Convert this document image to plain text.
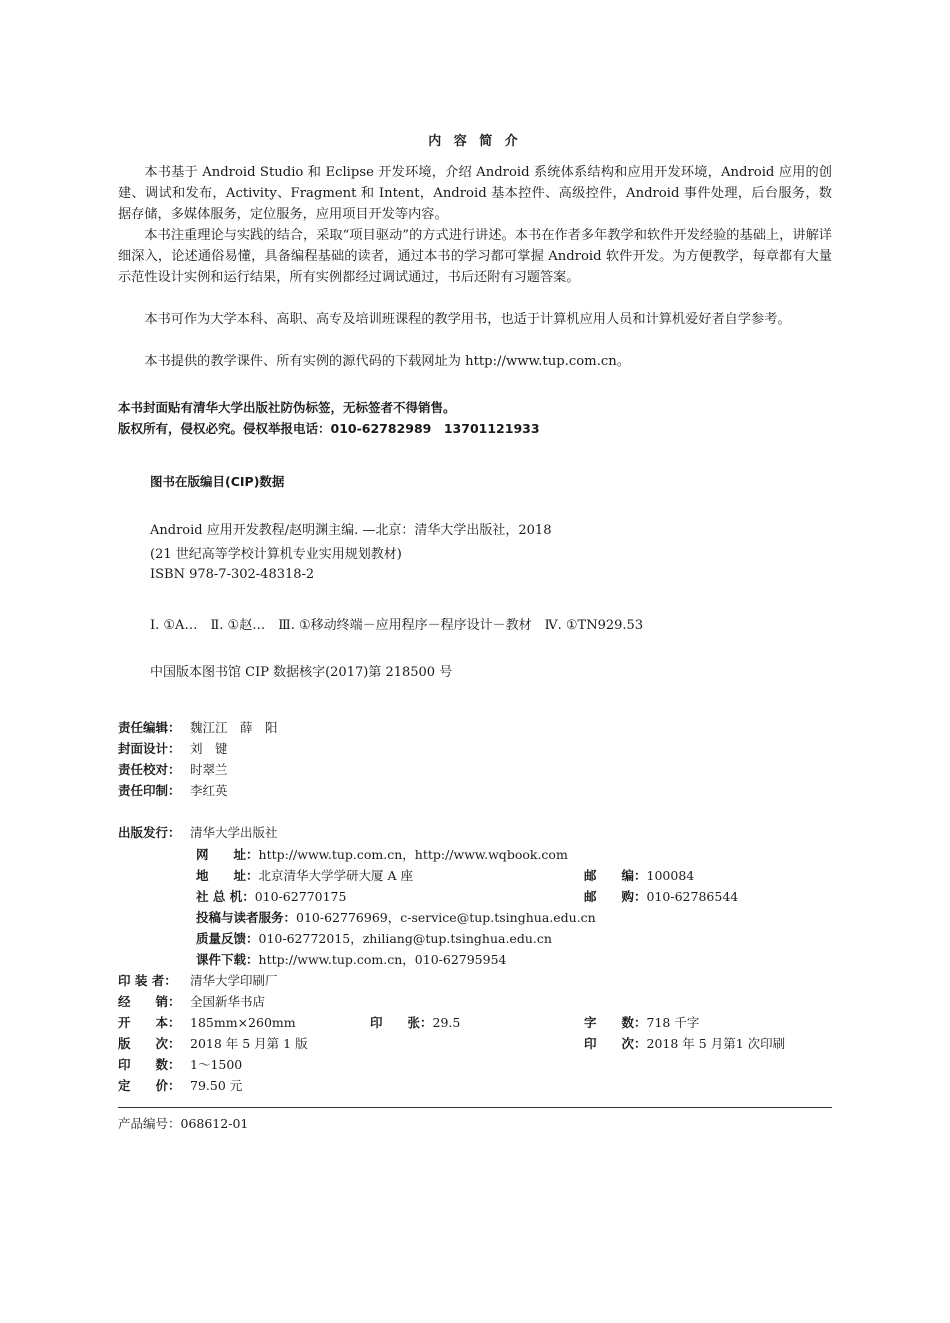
内 容 简 介

本书基于 Android Studio 和 Eclipse 开发环境，介绍 Android 系统体系结构和应用开发环境，Android 应用的创建、调试和发布，Activity、Fragment 和 Intent，Android 基本控件、高级控件，Android 事件处理，后台服务，数据存储，多媒体服务，定位服务，应用项目开发等内容。

本书注重理论与实践的结合，采取“项目驱动”的方式进行讲述。本书在作者多年教学和软件开发经验的基础上，讲解详细深入，论述通俗易懂，具备编程基础的读者，通过本书的学习都可掌握 Android 软件开发。为方便教学，每章都有大量示范性设计实例和运行结果，所有实例都经过调试通过，书后还附有习题答案。

本书可作为大学本科、高职、高专及培训班课程的教学用书，也适于计算机应用人员和计算机爱好者自学参考。

本书提供的教学课件、所有实例的源代码的下载网址为 http://www.tup.com.cn。

本书封面贴有清华大学出版社防伪标签，无标签者不得销售。
版权所有，侵权必究。侵权举报电话：010-62782989　13701121933
图书在版编目(CIP)数据
Android 应用开发教程/赵明渊主编. —北京：清华大学出版社，2018
(21 世纪高等学校计算机专业实用规划教材)
ISBN 978-7-302-48318-2
Ⅰ. ①A…　Ⅱ. ①赵…　Ⅲ. ①移动终端－应用程序－程序设计－教材　Ⅳ. ①TN929.53
中国版本图书馆 CIP 数据核字(2017)第 218500 号
责任编辑： 魏江江　薛　阳
封面设计： 刘　键
责任校对： 时翠兰
责任印制： 李红英
出版发行： 清华大学出版社
网　　址：http://www.tup.com.cn，http://www.wqbook.com
地　　址：北京清华大学学研大厦 A 座	邮　　编：100084
社 总 机：010-62770175	邮　　购：010-62786544
投稿与读者服务：010-62776969，c-service@tup.tsinghua.edu.cn
质量反馈：010-62772015，zhiliang@tup.tsinghua.edu.cn
课件下载：http://www.tup.com.cn，010-62795954
印 装 者： 清华大学印刷厂
经　　销： 全国新华书店
开　　本： 185mm×260mm	印　　张：29.5	字　　数：718 千字
版　　次： 2018 年 5 月第 1 版	印　　次：2018 年 5 月第1 次印刷
印　　数： 1～1500
定　　价： 79.50 元
产品编号：068612-01
